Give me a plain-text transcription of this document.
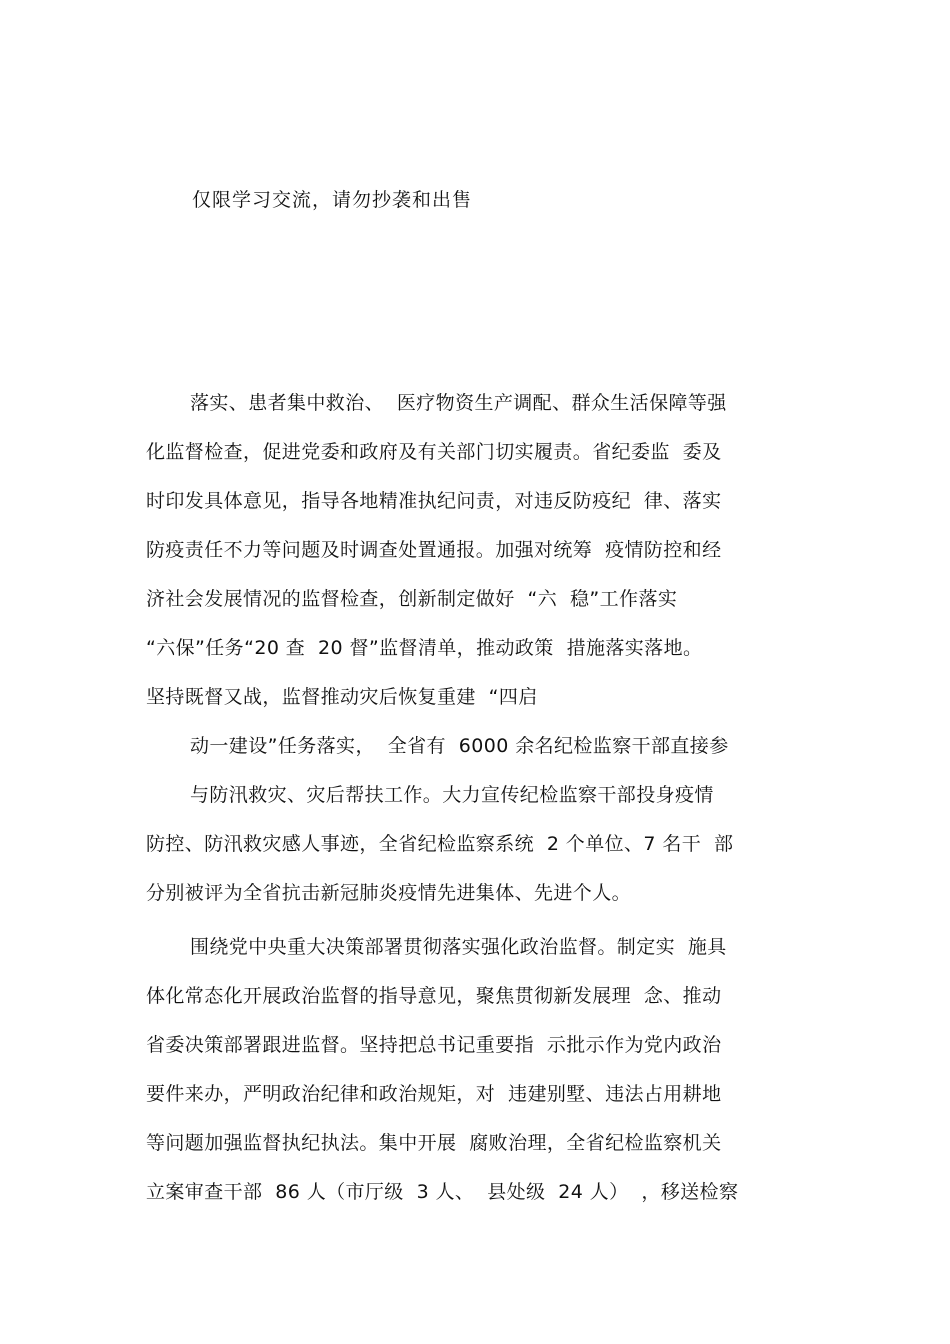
仅限学习交流，请勿抄袭和出售
落实、患者集中救治、  医疗物资生产调配、群众生活保障等强
化监督检查，促进党委和政府及有关部门切实履责。省纪委监  委及
时印发具体意见，指导各地精准执纪问责，对违反防疫纪  律、落实
防疫责任不力等问题及时调查处置通报。加强对统筹  疫情防控和经
济社会发展情况的监督检查，创新制定做好  “六  稳”工作落实
“六保”任务“20 查  20 督”监督清单，推动政策  措施落实落地。
坚持既督又战，监督推动灾后恢复重建  “四启
动一建设”任务落实，  全省有  6000 余名纪检监察干部直接参
与防汛救灾、灾后帮扶工作。大力宣传纪检监察干部投身疫情
防控、防汛救灾感人事迹，全省纪检监察系统  2 个单位、7 名干  部
分别被评为全省抗击新冠肺炎疫情先进集体、先进个人。
围绕党中央重大决策部署贯彻落实强化政治监督。制定实  施具
体化常态化开展政治监督的指导意见，聚焦贯彻新发展理  念、推动
省委决策部署跟进监督。坚持把总书记重要指  示批示作为党内政治
要件来办，严明政治纪律和政治规矩，对  违建别墅、违法占用耕地
等问题加强监督执纪执法。集中开展  腐败治理，全省纪检监察机关
立案审查干部  86 人（市厅级  3 人、  县处级  24 人）  ，移送检察
